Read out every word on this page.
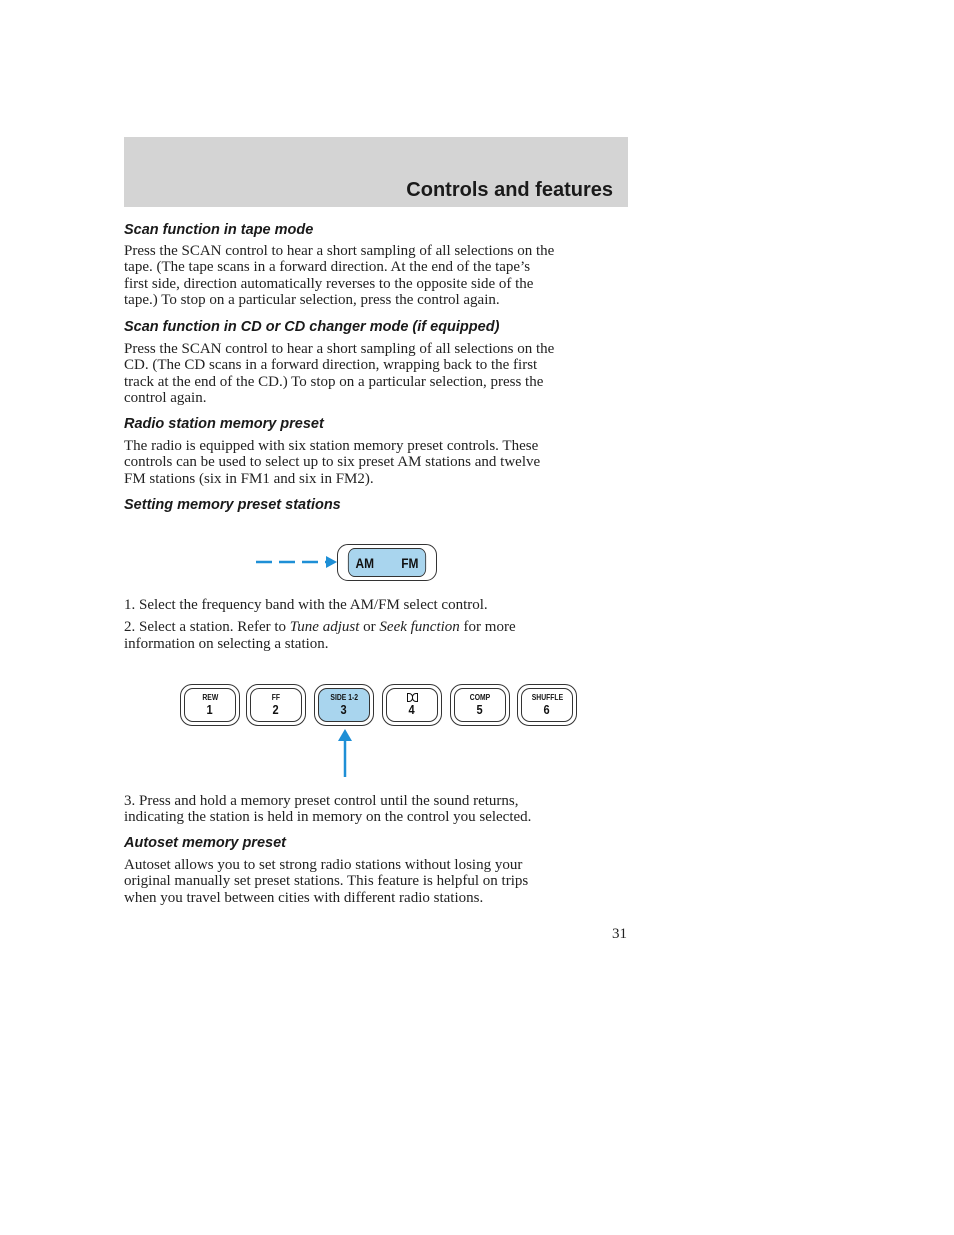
Controls and features

Scan function in tape mode

Press the SCAN control to hear a short sampling of all selections on the

tape. (The tape scans in a forward direction. At the end of the tape’s

first side, direction automatically reverses to the opposite side of the

tape.) To stop on a particular selection, press the control again.

Scan function in CD or CD changer mode (if equipped)

Press the SCAN control to hear a short sampling of all selections on the

CD. (The CD scans in a forward direction, wrapping back to the first

track at the end of the CD.) To stop on a particular selection, press the

control again.

Radio station memory preset

The radio is equipped with six station memory preset controls. These

controls can be used to select up to six preset AM stations and twelve

FM stations (six in FM1 and six in FM2).

Setting memory preset stations

AM FM

1. Select the frequency band with the AM/FM select control.

2. Select a station. Refer to Tune adjust or Seek function for more

information on selecting a station.

REW
1
FF
2
SIDE 1-2
3	4
COMP
5
SHUFFLE
6

3. Press and hold a memory preset control until the sound returns,

indicating the station is held in memory on the control you selected.

Autoset memory preset

Autoset allows you to set strong radio stations without losing your

original manually set preset stations. This feature is helpful on trips

when you travel between cities with different radio stations.

31
